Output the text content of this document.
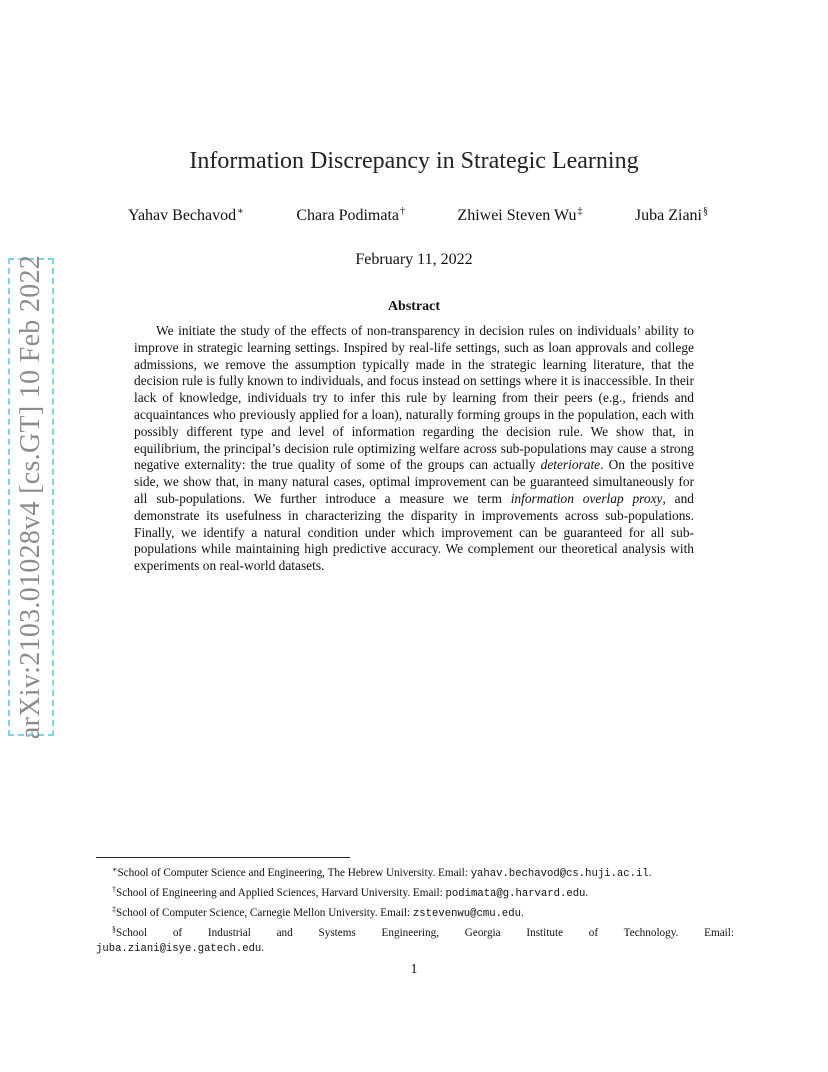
arXiv:2103.01028v4 [cs.GT] 10 Feb 2022
Information Discrepancy in Strategic Learning
Yahav Bechavod∗	Chara Podimata†	Zhiwei Steven Wu‡	Juba Ziani§
February 11, 2022
Abstract
We initiate the study of the effects of non-transparency in decision rules on individuals’ ability to improve in strategic learning settings. Inspired by real-life settings, such as loan approvals and college admissions, we remove the assumption typically made in the strategic learning literature, that the decision rule is fully known to individuals, and focus instead on settings where it is inaccessible. In their lack of knowledge, individuals try to infer this rule by learning from their peers (e.g., friends and acquaintances who previously applied for a loan), naturally forming groups in the population, each with possibly different type and level of information regarding the decision rule. We show that, in equilibrium, the principal’s decision rule optimizing welfare across sub-populations may cause a strong negative externality: the true quality of some of the groups can actually deteriorate. On the positive side, we show that, in many natural cases, optimal improvement can be guaranteed simultaneously for all sub-populations. We further introduce a measure we term information overlap proxy, and demonstrate its usefulness in characterizing the disparity in improvements across sub-populations. Finally, we identify a natural condition under which improvement can be guaranteed for all sub-populations while maintaining high predictive accuracy. We complement our theoretical analysis with experiments on real-world datasets.
∗School of Computer Science and Engineering, The Hebrew University. Email: yahav.bechavod@cs.huji.ac.il.
†School of Engineering and Applied Sciences, Harvard University. Email: podimata@g.harvard.edu.
‡School of Computer Science, Carnegie Mellon University. Email: zstevenwu@cmu.edu.
§School of Industrial and Systems Engineering, Georgia Institute of Technology. Email:
juba.ziani@isye.gatech.edu.
1
